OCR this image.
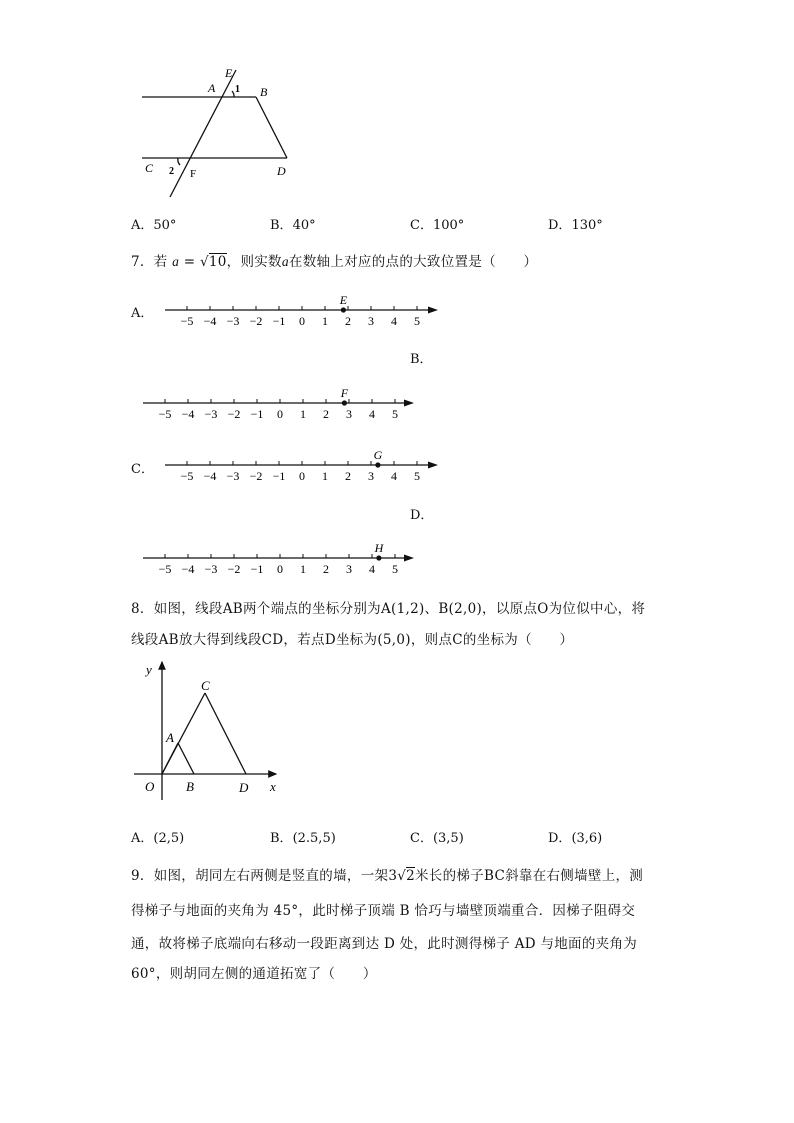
E
A 1 B
C 2 F	D
A．50°	B．40°	C．100°	D．130°
7．若 a = √10，则实数a在数轴上对应的点的大致位置是（　　）
A．
B．
C．
D．
−5 −4 −3 −2 −1 0 1 2 3 4 5
E
−5 −4 −3 −2 −1 0 1 2 3 4 5
F
−5 −4 −3 −2 −1 0 1 2 3 4 5
G
−5 −4 −3 −2 −1 0 1 2 3 4 5
H
8．如图，线段AB两个端点的坐标分别为A(1,2)、B(2,0)，以原点O为位似中心，将
线段AB放大得到线段CD，若点D坐标为(5,0)，则点C的坐标为（　　）
y
C
A
O B	D x
A．(2,5)	B．(2.5,5)	C．(3,5)	D．(3,6)
9．如图，胡同左右两侧是竖直的墙，一架3√2米长的梯子BC斜靠在右侧墙壁上，测
得梯子与地面的夹角为 45°，此时梯子顶端 B 恰巧与墙壁顶端重合．因梯子阻碍交
通，故将梯子底端向右移动一段距离到达 D 处，此时测得梯子 AD 与地面的夹角为
60°，则胡同左侧的通道拓宽了（　　）
